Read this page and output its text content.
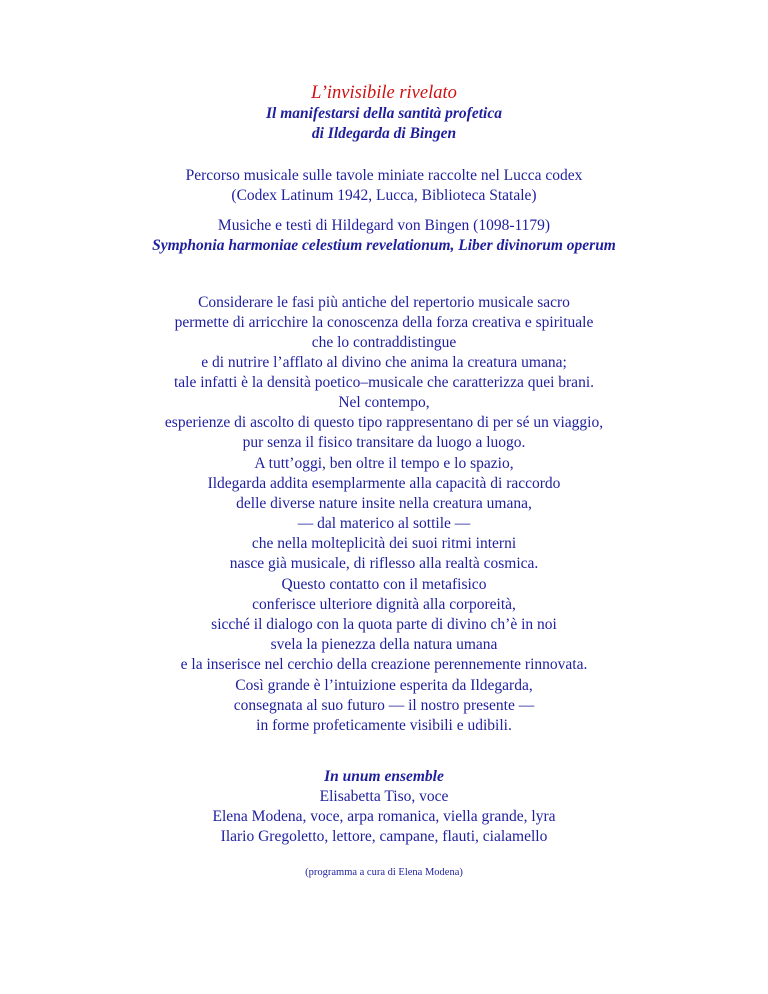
L’invisibile rivelato
Il manifestarsi della santità profetica
di Ildegarda di Bingen
Percorso musicale sulle tavole miniate raccolte nel Lucca codex
(Codex Latinum 1942, Lucca, Biblioteca Statale)
Musiche e testi di Hildegard von Bingen (1098-1179)
Symphonia harmoniae celestium revelationum, Liber divinorum operum
Considerare le fasi più antiche del repertorio musicale sacro
permette di arricchire la conoscenza della forza creativa e spirituale
che lo contraddistingue
e di nutrire l’afflato al divino che anima la creatura umana;
tale infatti è la densità poetico–musicale che caratterizza quei brani.
Nel contempo,
esperienze di ascolto di questo tipo rappresentano di per sé un viaggio,
pur senza il fisico transitare da luogo a luogo.
A tutt’oggi, ben oltre il tempo e lo spazio,
Ildegarda addita esemplarmente alla capacità di raccordo
delle diverse nature insite nella creatura umana,
— dal materico al sottile —
che nella molteplicità dei suoi ritmi interni
nasce già musicale, di riflesso alla realtà cosmica.
Questo contatto con il metafisico
conferisce ulteriore dignità alla corporeità,
sicché il dialogo con la quota parte di divino ch’è in noi
svela la pienezza della natura umana
e la inserisce nel cerchio della creazione perennemente rinnovata.
Così grande è l’intuizione esperita da Ildegarda,
consegnata al suo futuro — il nostro presente —
in forme profeticamente visibili e udibili.
In unum ensemble
Elisabetta Tiso, voce
Elena Modena, voce, arpa romanica, viella grande, lyra
Ilario Gregoletto, lettore, campane, flauti, cialamello
(programma a cura di Elena Modena)
